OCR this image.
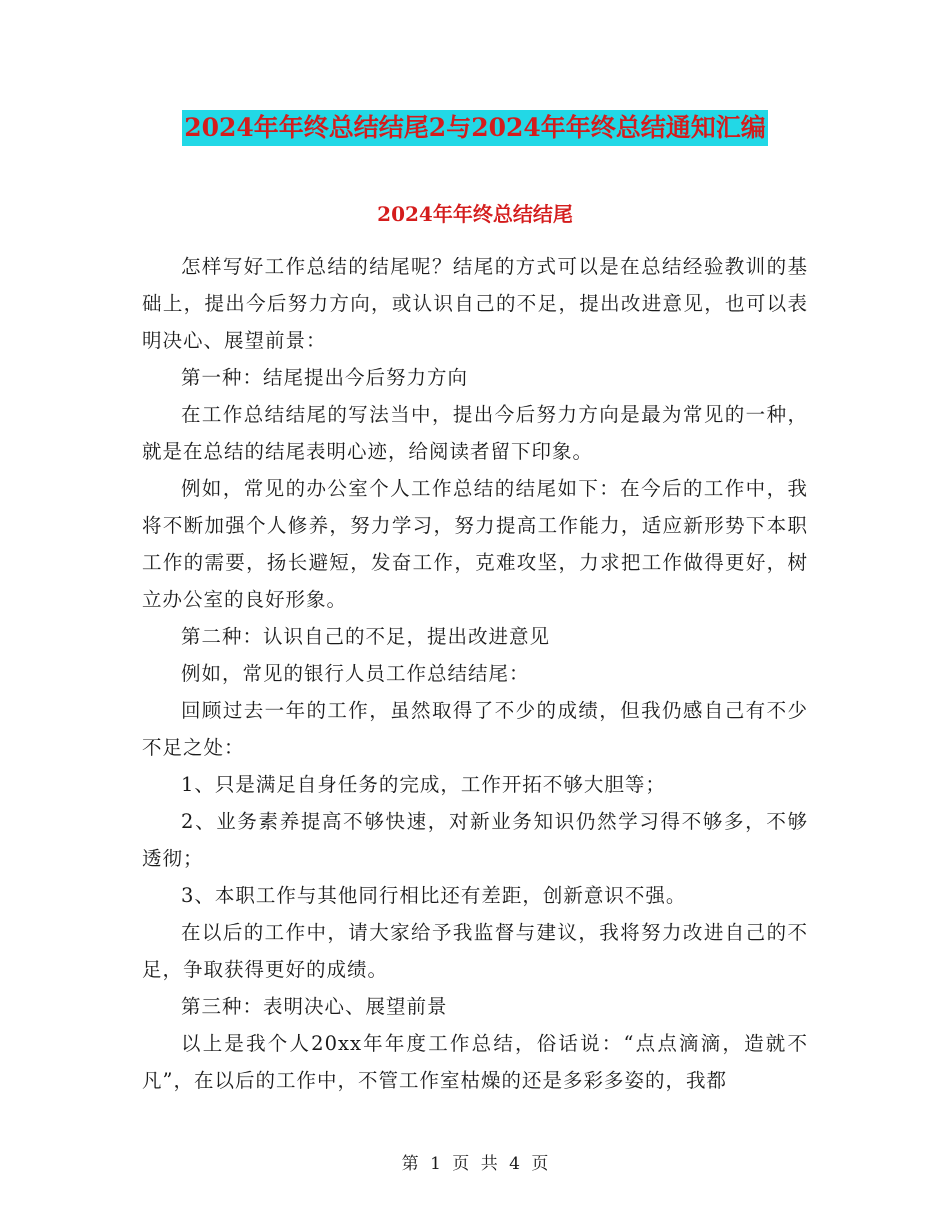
2024年年终总结结尾2与2024年年终总结通知汇编
2024年年终总结结尾

怎样写好工作总结的结尾呢？结尾的方式可以是在总结经验教训的基础上，提出今后努力方向，或认识自己的不足，提出改进意见，也可以表明决心、展望前景：

第一种：结尾提出今后努力方向

在工作总结结尾的写法当中，提出今后努力方向是最为常见的一种，就是在总结的结尾表明心迹，给阅读者留下印象。

例如，常见的办公室个人工作总结的结尾如下：在今后的工作中，我将不断加强个人修养，努力学习，努力提高工作能力，适应新形势下本职工作的需要，扬长避短，发奋工作，克难攻坚，力求把工作做得更好，树立办公室的良好形象。

第二种：认识自己的不足，提出改进意见

例如，常见的银行人员工作总结结尾：

回顾过去一年的工作，虽然取得了不少的成绩，但我仍感自己有不少不足之处：

1、只是满足自身任务的完成，工作开拓不够大胆等；

2、业务素养提高不够快速，对新业务知识仍然学习得不够多，不够透彻；

3、本职工作与其他同行相比还有差距，创新意识不强。

在以后的工作中，请大家给予我监督与建议，我将努力改进自己的不足，争取获得更好的成绩。

第三种：表明决心、展望前景

以上是我个人20xx年年度工作总结，俗话说：“点点滴滴，造就不凡”，在以后的工作中，不管工作室枯燥的还是多彩多姿的，我都

第 1 页 共 4 页
